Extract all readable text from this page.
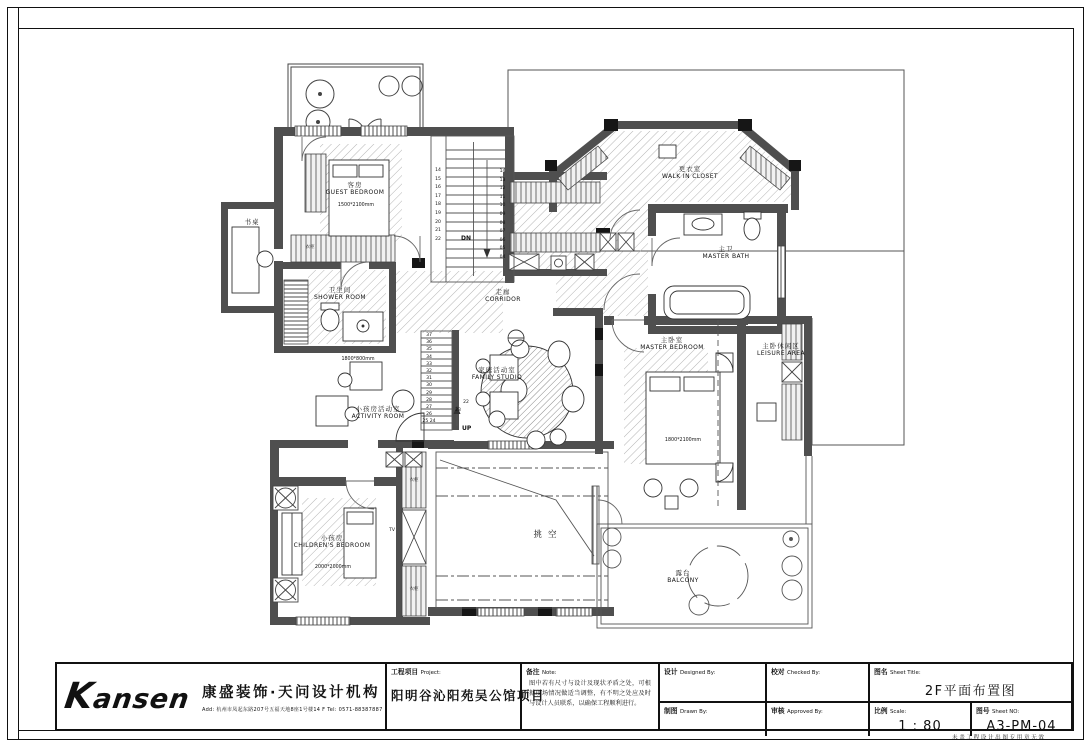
客房
GUEST BEDROOM
1500*2100mm
书桌
衣柜
卫生间
SHOWER ROOM
走廊
CORRIDOR
更衣室
WALK IN CLOSET
主卫
MASTER BATH
主卧室
MASTER BEDROOM
1800*2100mm
主卧休闲区
LEISURE AREA
家庭活动室
FAMILY STUDIO
小孩房活动室
ACTIVITY ROOM
1800*800mm
小孩房
CHILDREN'S BEDROOM
2000*2000mm
挑空
露台
BALCONY
TV
衣柜
衣柜
14
15
16
17
18
19
20
21
22
14
13
12
11
10
09
08
07
06
05
04
37
36
35
34
33
32
31
30
29
28
27
26
25 24
22
23
DN
UP
Kansen 康盛装饰·天问设计机构
Add: 杭州市凤起东路207号五福天地8座1号楼14 F Tel: 0571-88387887
工程项目 Project:
阳明谷沁阳苑吴公馆项目
备注 Note:
图中若有尺寸与设计及现状矛盾之处，可根据现场情况做适当调整，有不明之处应及时与设计人员联系，以确保工程顺利进行。
设计 Designed By:	校对 Checked By:	图名 Sheet Title:
2F平面布置图
制图 Drawn By:	审核 Approved By:	比例 Scale:
1 : 80
图号 Sheet NO:
A3-PM-04
未盖工程设计出图专用章无效
